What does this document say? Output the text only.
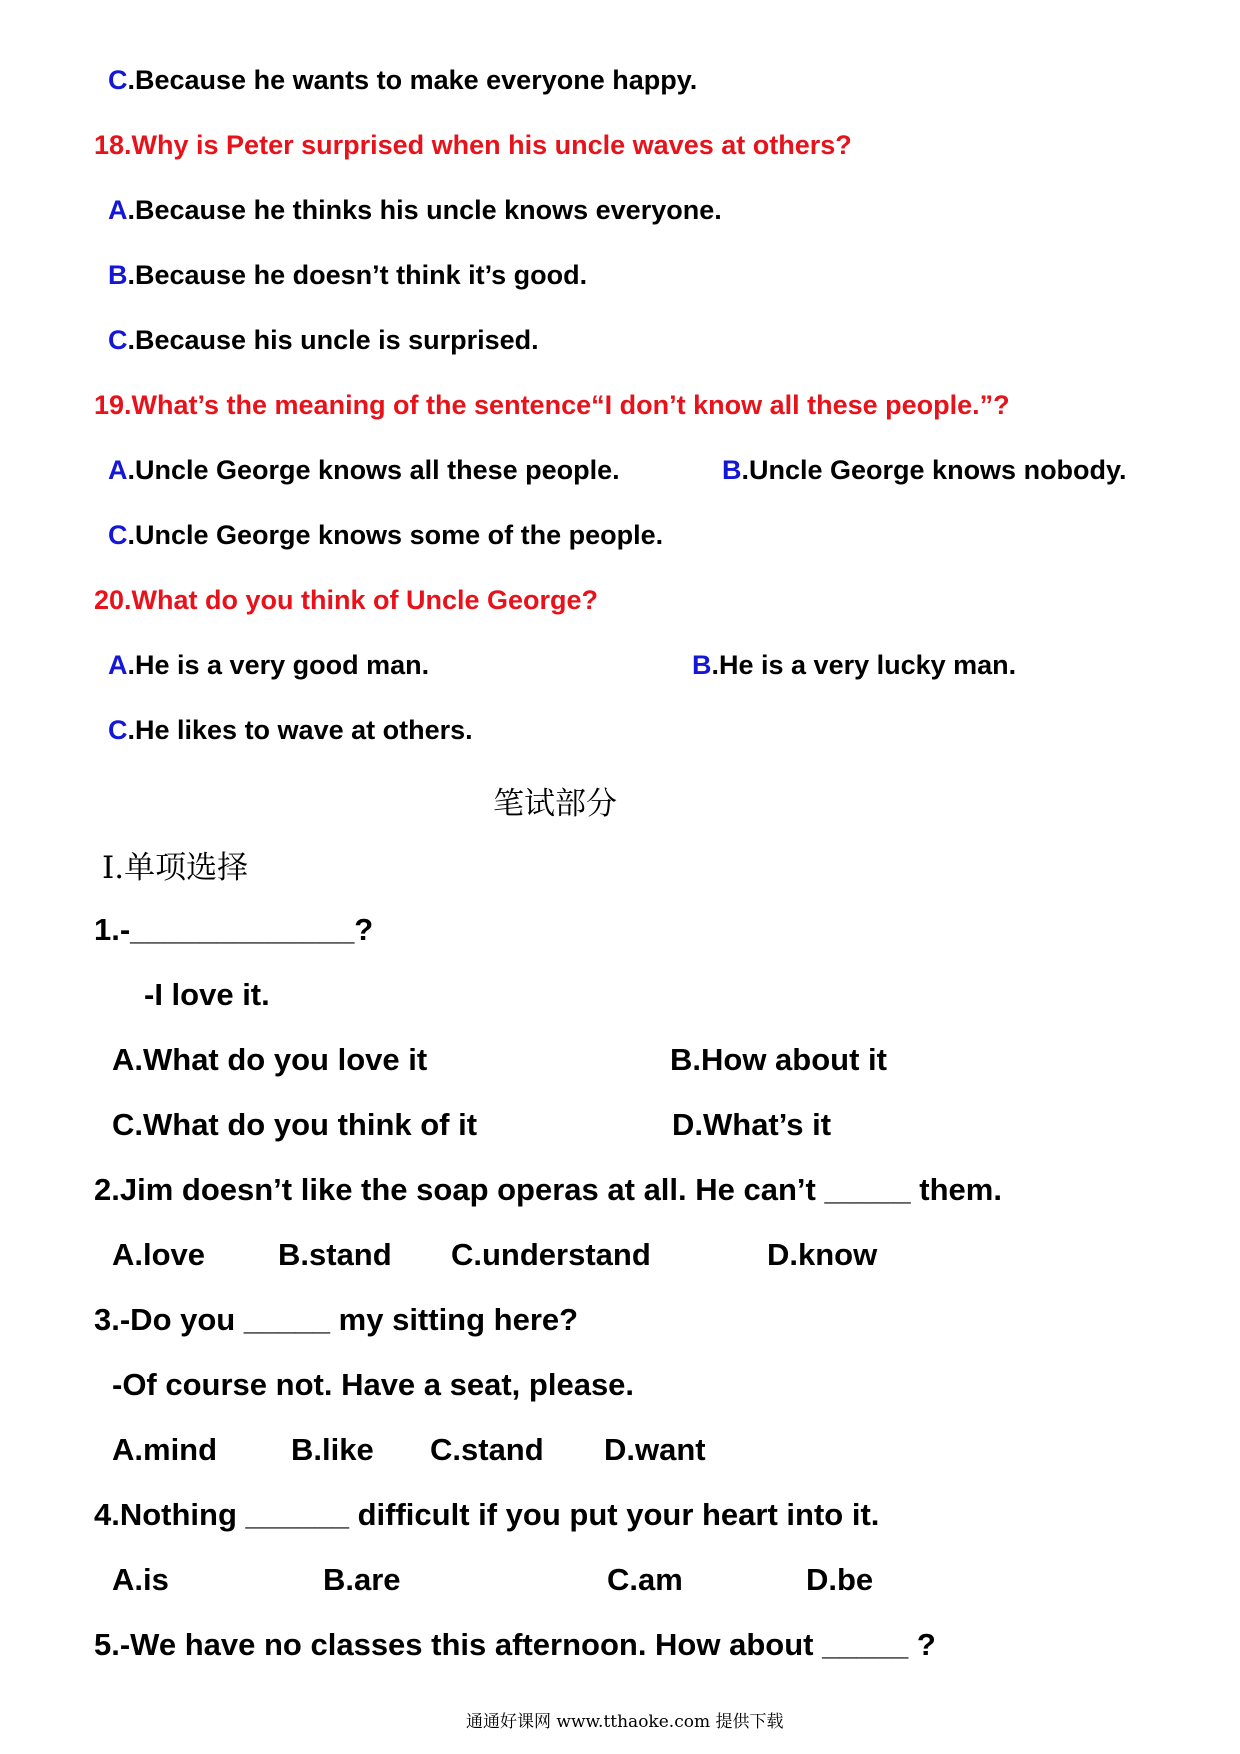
C.Because he wants to make everyone happy.
18.Why is Peter surprised when his uncle waves at others?
A.Because he thinks his uncle knows everyone.
B.Because he doesn’t think it’s good.
C.Because his uncle is surprised.
19.What’s the meaning of the sentence“I don’t know all these people.”?
A.Uncle George knows all these people.	B.Uncle George knows nobody.
C.Uncle George knows some of the people.
20.What do you think of Uncle George?
A.He is a very good man.	B.He is a very lucky man.
C.He likes to wave at others.
笔试部分
Ⅰ.单项选择
1.-_____________?
-I love it.
A.What do you love it	B.How about it
C.What do you think of it	D.What’s it
2.Jim doesn’t like the soap operas at all. He can’t _____ them.
A.love B.stand C.understand	D.know
3.-Do you _____ my sitting here?
-Of course not. Have a seat, please.
A.mind B.like C.stand D.want
4.Nothing ______ difficult if you put your heart into it.
A.is	B.are	C.am	D.be
5.-We have no classes this afternoon. How about _____ ?
通通好课网 www.tthaoke.com 提供下载
